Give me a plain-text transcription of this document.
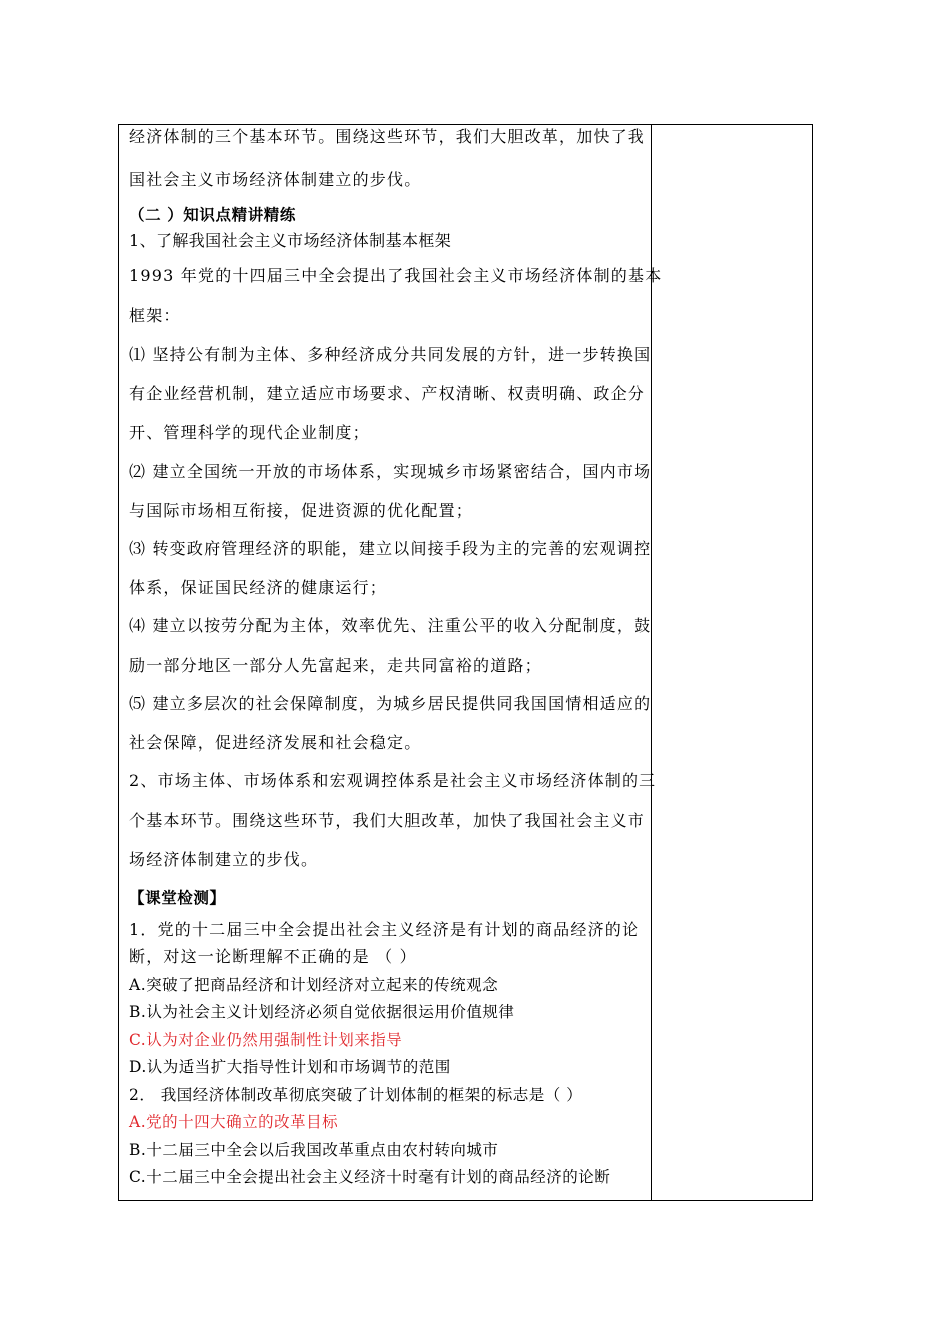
经济体制的三个基本环节。围绕这些环节，我们大胆改革，加快了我
国社会主义市场经济体制建立的步伐。
（二 ）知识点精讲精练
1、了解我国社会主义市场经济体制基本框架
1993 年党的十四届三中全会提出了我国社会主义市场经济体制的基本
框架：
⑴ 坚持公有制为主体、多种经济成分共同发展的方针，进一步转换国
有企业经营机制，建立适应市场要求、产权清晰、权责明确、政企分
开、管理科学的现代企业制度；
⑵ 建立全国统一开放的市场体系，实现城乡市场紧密结合，国内市场
与国际市场相互衔接，促进资源的优化配置；
⑶ 转变政府管理经济的职能，建立以间接手段为主的完善的宏观调控
体系，保证国民经济的健康运行；
⑷ 建立以按劳分配为主体，效率优先、注重公平的收入分配制度，鼓
励一部分地区一部分人先富起来，走共同富裕的道路；
⑸ 建立多层次的社会保障制度，为城乡居民提供同我国国情相适应的
社会保障，促进经济发展和社会稳定。
2、市场主体、市场体系和宏观调控体系是社会主义市场经济体制的三
个基本环节。围绕这些环节，我们大胆改革，加快了我国社会主义市
场经济体制建立的步伐。
【课堂检测】
1．党的十二届三中全会提出社会主义经济是有计划的商品经济的论
断，对这一论断理解不正确的是 （ ）
A.突破了把商品经济和计划经济对立起来的传统观念
B.认为社会主义计划经济必须自觉依据很运用价值规律
C.认为对企业仍然用强制性计划来指导
D.认为适当扩大指导性计划和市场调节的范围
2． 我国经济体制改革彻底突破了计划体制的框架的标志是（ ）
A.党的十四大确立的改革目标
B.十二届三中全会以后我国改革重点由农村转向城市
C.十二届三中全会提出社会主义经济十时毫有计划的商品经济的论断
